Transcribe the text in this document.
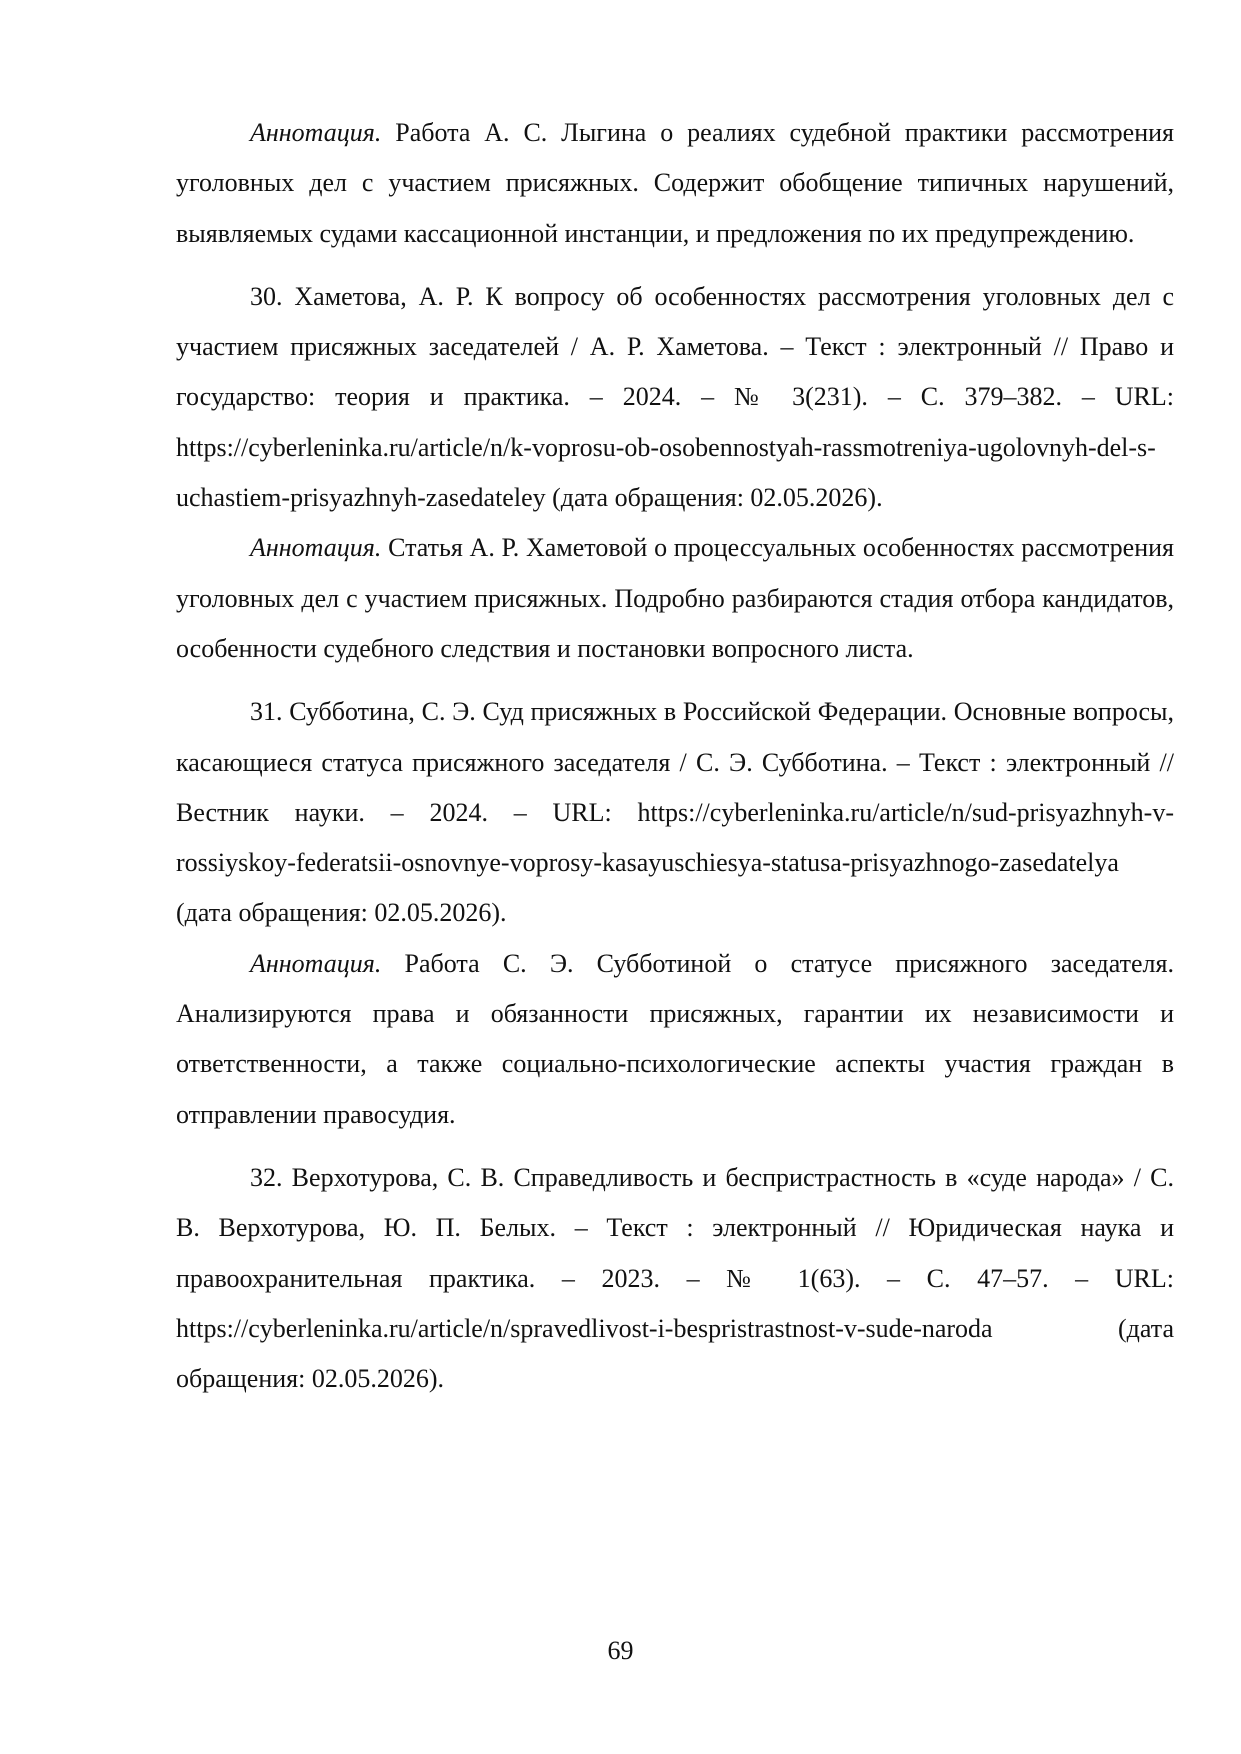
Аннотация. Работа А. С. Лыгина о реалиях судебной практики рассмотрения уголовных дел с участием присяжных. Содержит обобщение типичных нарушений, выявляемых судами кассационной инстанции, и предложения по их предупреждению.

30. Хаметова, А. Р. К вопросу об особенностях рассмотрения уголовных дел с участием присяжных заседателей / А. Р. Хаметова. – Текст : электронный // Право и государство: теория и практика. – 2024. – № 3(231). – С. 379–382. – URL: https://cyberleninka.ru/article/n/k-voprosu-ob-osobennostyah-rassmotreniya-ugolovnyh-del-s-uchastiem-prisyazhnyh-zasedateley (дата обращения: 02.05.2026).

Аннотация. Статья А. Р. Хаметовой о процессуальных особенностях рассмотрения уголовных дел с участием присяжных. Подробно разбираются стадия отбора кандидатов, особенности судебного следствия и постановки вопросного листа.

31. Субботина, С. Э. Суд присяжных в Российской Федерации. Основные вопросы, касающиеся статуса присяжного заседателя / С. Э. Субботина. – Текст : электронный // Вестник науки. – 2024. – URL: https://cyberleninka.ru/article/n/sud-prisyazhnyh-v-rossiyskoy-federatsii-osnovnye-voprosy-kasayuschiesya-statusa-prisyazhnogo-zasedatelya (дата обращения: 02.05.2026).

Аннотация. Работа С. Э. Субботиной о статусе присяжного заседателя. Анализируются права и обязанности присяжных, гарантии их независимости и ответственности, а также социально-психологические аспекты участия граждан в отправлении правосудия.

32. Верхотурова, С. В. Справедливость и беспристрастность в «суде народа» / С. В. Верхотурова, Ю. П. Белых. – Текст : электронный // Юридическая наука и правоохранительная практика. – 2023. – № 1(63). – С. 47–57. – URL: https://cyberleninka.ru/article/n/spravedlivost-i-bespristrastnost-v-sude-naroda (дата обращения: 02.05.2026).

69
